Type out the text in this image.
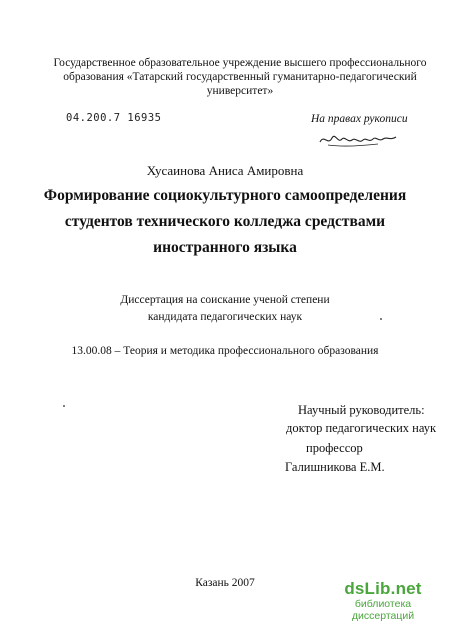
Государственное образовательное учреждение высшего профессионального
образования «Татарский государственный гуманитарно-педагогический
университет»
04.200.7 16935	На правах рукописи
Хусаинова Аниса Амировна
Формирование социокультурного самоопределения
студентов технического колледжа средствами
иностранного языка
Диссертация на соискание ученой степени
кандидата педагогических наук
13.00.08 – Теория и методика профессионального образования
Научный руководитель:
доктор педагогических наук
профессор
Галишникова Е.М.
Казань 2007	dsLib.net
библиотека диссертаций
